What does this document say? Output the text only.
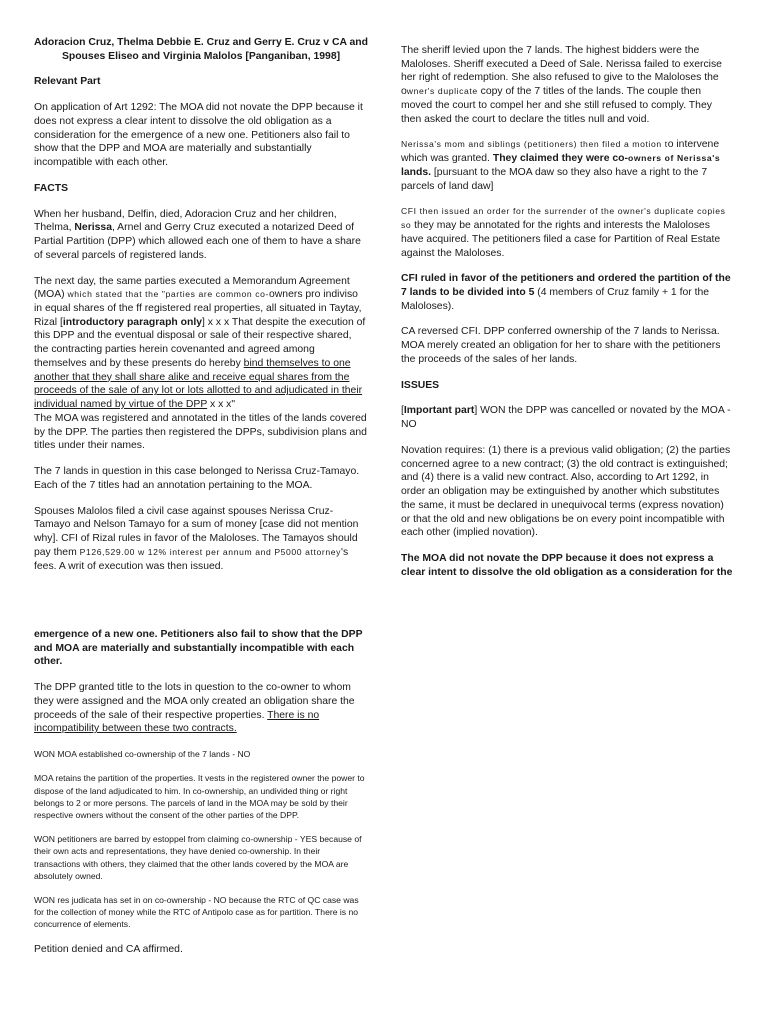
Adoracion Cruz, Thelma Debbie E. Cruz and Gerry E. Cruz v CA and Spouses Eliseo and Virginia Malolos [Panganiban, 1998]

Relevant Part

On application of Art 1292: The MOA did not novate the DPP because it does not express a clear intent to dissolve the old obligation as a consideration for the emergence of a new one. Petitioners also fail to show that the DPP and MOA are materially and substantially incompatible with each other.

FACTS

When her husband, Delfin, died, Adoracion Cruz and her children, Thelma, Nerissa, Arnel and Gerry Cruz executed a notarized Deed of Partial Partition (DPP) which allowed each one of them to have a share of several parcels of registered lands.

The next day, the same parties executed a Memorandum Agreement (MOA) which stated that the "parties are common co-owners pro indiviso in equal shares of the ff registered real properties, all situated in Taytay, Rizal [introductory paragraph only] x x x That despite the execution of this DPP and the eventual disposal or sale of their respective shared, the contracting parties herein covenanted and agreed among themselves and by these presents do hereby bind themselves to one another that they shall share alike and receive equal shares from the proceeds of the sale of any lot or lots allotted to and adjudicated in their individual named by virtue of the DPP x x x"

The MOA was registered and annotated in the titles of the lands covered by the DPP. The parties then registered the DPPs, subdivision plans and titles under their names.

The 7 lands in question in this case belonged to Nerissa Cruz-Tamayo. Each of the 7 titles had an annotation pertaining to the MOA.

Spouses Malolos filed a civil case against spouses Nerissa Cruz-Tamayo and Nelson Tamayo for a sum of money [case did not mention why]. CFI of Rizal rules in favor of the Maloloses. The Tamayos should pay them P126,529.00 w 12% interest per annum and P5000 attorney's fees. A writ of execution was then issued.

The sheriff levied upon the 7 lands. The highest bidders were the Maloloses. Sheriff executed a Deed of Sale. Nerissa failed to exercise her right of redemption. She also refused to give to the Maloloses the owner's duplicate copy of the 7 titles of the lands. The couple then moved the court to compel her and she still refused to comply. They then asked the court to declare the titles null and void.

Nerissa's mom and siblings (petitioners) then filed a motion to intervene which was granted. They claimed they were co-owners of Nerissa's lands. [pursuant to the MOA daw so they also have a right to the 7 parcels of land daw]

CFI then issued an order for the surrender of the owner's duplicate copies so they may be annotated for the rights and interests the Maloloses have acquired. The petitioners filed a case for Partition of Real Estate against the Maloloses.

CFI ruled in favor of the petitioners and ordered the partition of the 7 lands to be divided into 5 (4 members of Cruz family + 1 for the Maloloses).

CA reversed CFI. DPP conferred ownership of the 7 lands to Nerissa. MOA merely created an obligation for her to share with the petitioners the proceeds of the sales of her lands.

ISSUES

[Important part] WON the DPP was cancelled or novated by the MOA - NO

Novation requires: (1) there is a previous valid obligation; (2) the parties concerned agree to a new contract; (3) the old contract is extinguished; and (4) there is a valid new contract. Also, according to Art 1292, in order an obligation may be extinguished by another which substitutes the same, it must be declared in unequivocal terms (express novation) or that the old and new obligations be on every point incompatible with each other (implied novation).

The MOA did not novate the DPP because it does not express a clear intent to dissolve the old obligation as a consideration for the

emergence of a new one. Petitioners also fail to show that the DPP and MOA are materially and substantially incompatible with each other.

The DPP granted title to the lots in question to the co-owner to whom they were assigned and the MOA only created an obligation share the proceeds of the sale of their respective properties. There is no incompatibility between these two contracts.

WON MOA established co-ownership of the 7 lands - NO

MOA retains the partition of the properties. It vests in the registered owner the power to dispose of the land adjudicated to him. In co-ownership, an undivided thing or right belongs to 2 or more persons. The parcels of land in the MOA may be sold by their respective owners without the consent of the other parties of the DPP.

WON petitioners are barred by estoppel from claiming co-ownership - YES because of their own acts and representations, they have denied co-ownership. In their transactions with others, they claimed that the other lands covered by the MOA are absolutely owned.

WON res judicata has set in on co-ownership - NO because the RTC of QC case was for the collection of money while the RTC of Antipolo case as for partition. There is no concurrence of elements.

Petition denied and CA affirmed.
